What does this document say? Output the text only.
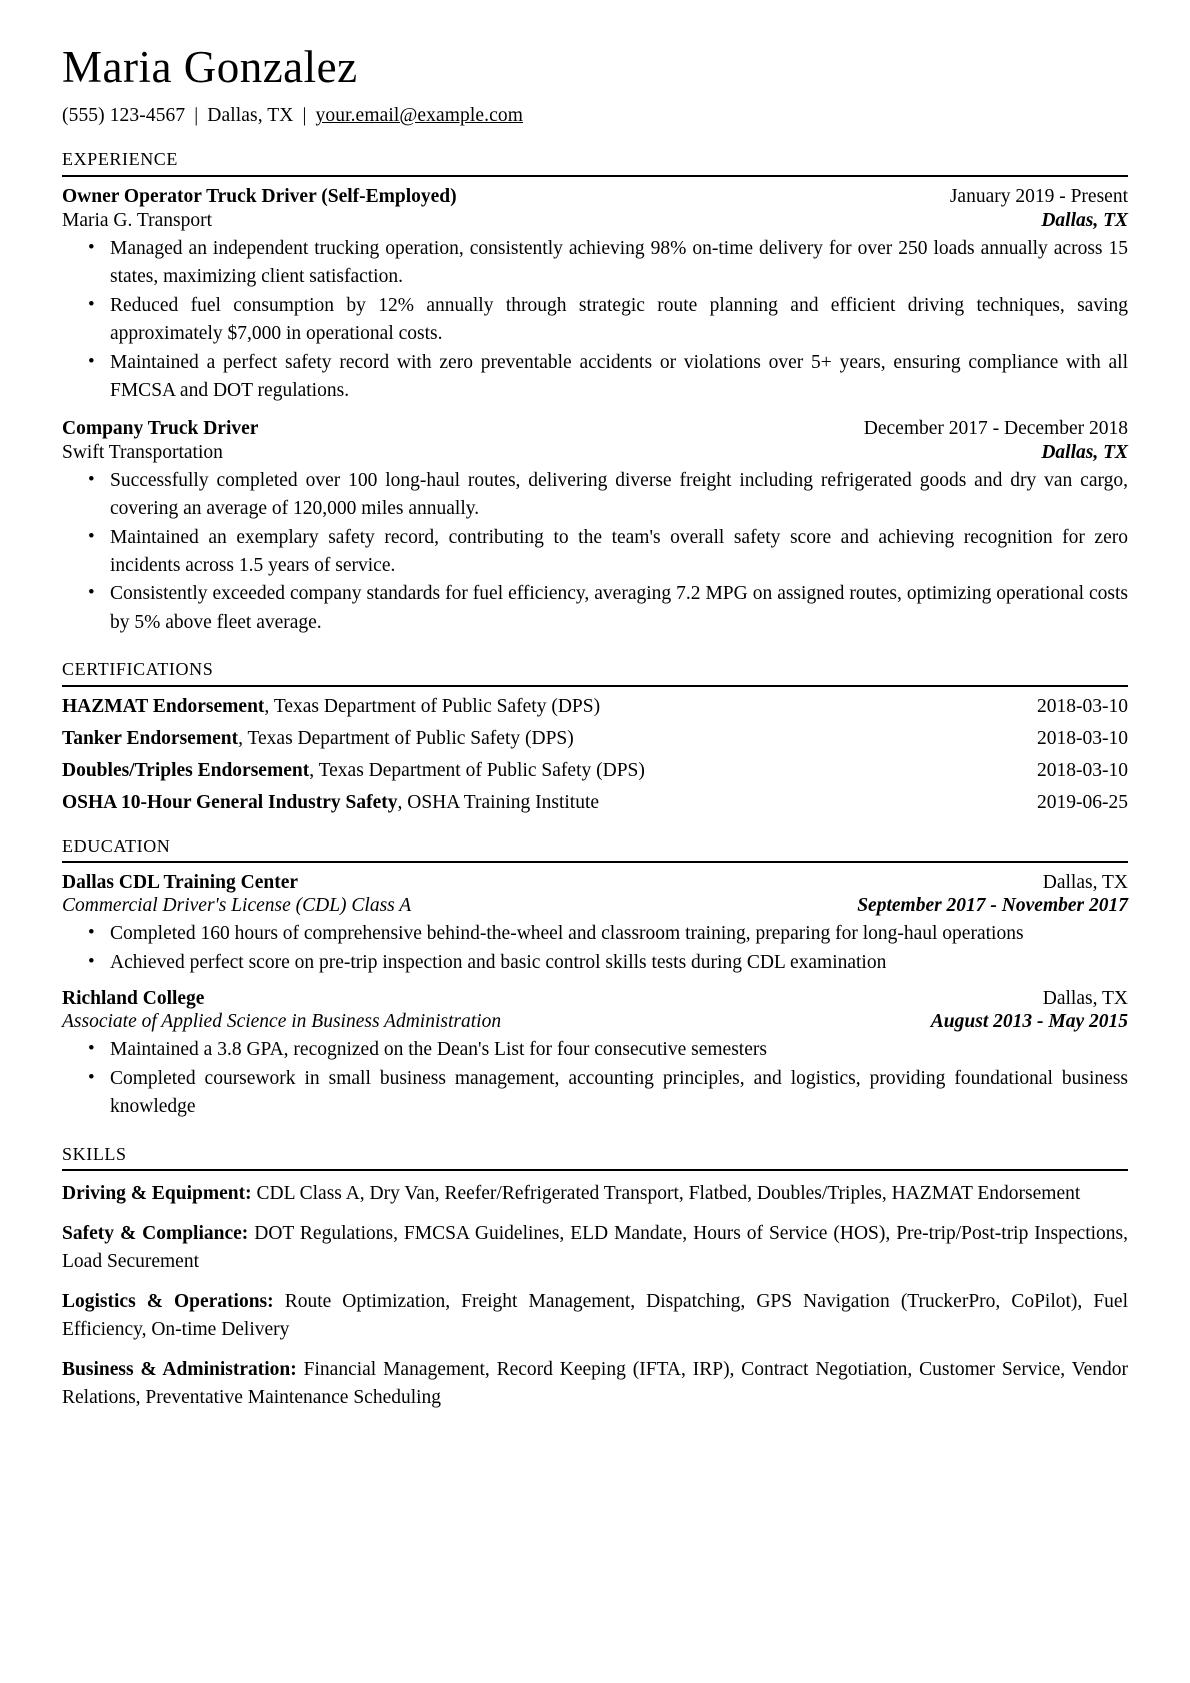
Maria Gonzalez
(555) 123-4567 | Dallas, TX | your.email@example.com
experience
Owner Operator Truck Driver (Self-Employed)	January 2019 - Present
Maria G. Transport	Dallas, TX
• Managed an independent trucking operation, consistently achieving 98% on-time delivery for over 250 loads annually across 15 states, maximizing client satisfaction.
• Reduced fuel consumption by 12% annually through strategic route planning and efficient driving techniques, saving approximately $7,000 in operational costs.
• Maintained a perfect safety record with zero preventable accidents or violations over 5+ years, ensuring compliance with all FMCSA and DOT regulations.
Company Truck Driver	December 2017 - December 2018
Swift Transportation	Dallas, TX
• Successfully completed over 100 long-haul routes, delivering diverse freight including refrigerated goods and dry van cargo, covering an average of 120,000 miles annually.
• Maintained an exemplary safety record, contributing to the team's overall safety score and achieving recognition for zero incidents across 1.5 years of service.
• Consistently exceeded company standards for fuel efficiency, averaging 7.2 MPG on assigned routes, optimizing operational costs by 5% above fleet average.
certifications
HAZMAT Endorsement, Texas Department of Public Safety (DPS)	2018-03-10
Tanker Endorsement, Texas Department of Public Safety (DPS)	2018-03-10
Doubles/Triples Endorsement, Texas Department of Public Safety (DPS)	2018-03-10
OSHA 10-Hour General Industry Safety, OSHA Training Institute	2019-06-25
education
Dallas CDL Training Center	Dallas, TX
Commercial Driver's License (CDL) Class A	September 2017 - November 2017
• Completed 160 hours of comprehensive behind-the-wheel and classroom training, preparing for long-haul operations
• Achieved perfect score on pre-trip inspection and basic control skills tests during CDL examination
Richland College	Dallas, TX
Associate of Applied Science in Business Administration	August 2013 - May 2015
• Maintained a 3.8 GPA, recognized on the Dean's List for four consecutive semesters
• Completed coursework in small business management, accounting principles, and logistics, providing foundational business knowledge
skills
Driving & Equipment: CDL Class A, Dry Van, Reefer/Refrigerated Transport, Flatbed, Doubles/Triples, HAZMAT Endorsement
Safety & Compliance: DOT Regulations, FMCSA Guidelines, ELD Mandate, Hours of Service (HOS), Pre-trip/Post-trip Inspections, Load Securement
Logistics & Operations: Route Optimization, Freight Management, Dispatching, GPS Navigation (TruckerPro, CoPilot), Fuel Efficiency, On-time Delivery
Business & Administration: Financial Management, Record Keeping (IFTA, IRP), Contract Negotiation, Customer Service, Vendor Relations, Preventative Maintenance Scheduling
